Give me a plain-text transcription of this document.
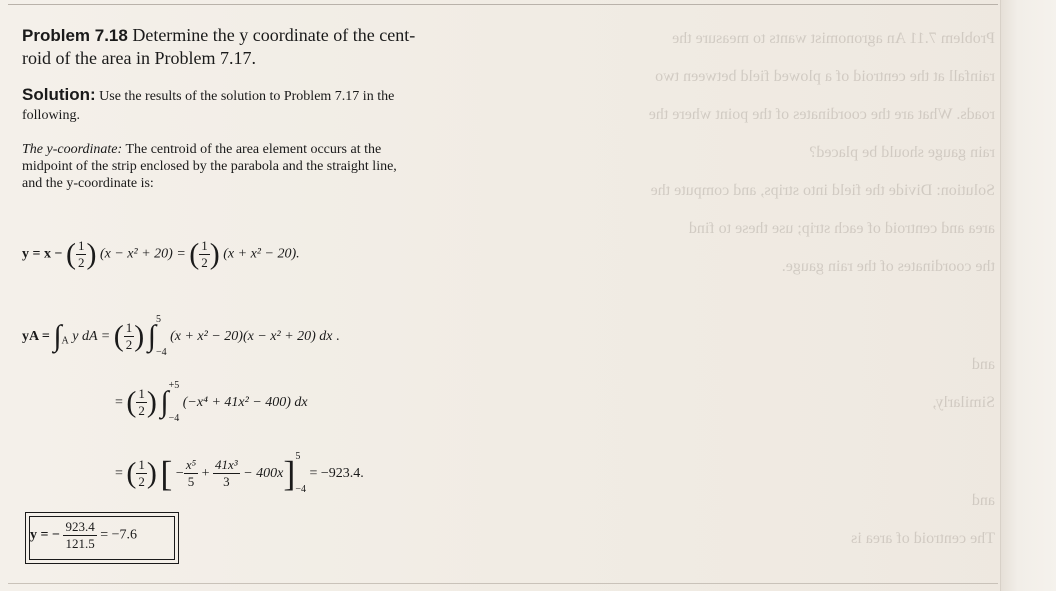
Problem 7.11 An agronomist wants to measure the

rainfall at the centroid of a plowed field between two

roads. What are the coordinates of the point where the

rain gauge should be placed?

Solution: Divide the field into strips, and compute the

area and centroid of each strip; use these to find

the coordinates of the rain gauge.

and

Similarly,

and

The centroid of area is

Problem 7.18 Determine the y coordinate of the cent-
roid of the area in Problem 7.17.
Solution: Use the results of the solution to Problem 7.17 in the
following.
The y-coordinate: The centroid of the area element occurs at the
midpoint of the strip enclosed by the parabola and the straight line,
and the y-coordinate is:
y = x − ( $\frac{1}{2}$ ) (x − x² + 20) = ( $\frac{1}{2}$ ) (x + x² − 20).
yA = $\int_A$ y dA = ( $\frac{1}{2}$ ) ∫$^5$
$_{-4}$ (x + x² − 20)(x − x² + 20) dx .
= ( $\frac{1}{2}$ ) ∫$^{+5}$
$_{-4}$ (−x⁴ + 41x² − 400) dx
= ( $\frac{1}{2}$ ) [ − $\frac{\text{x⁵}}{5} + \frac{\text{41x³}}{3} - 400x]^5$
$_{-4}$ = −923.4.
y = − $\frac{923.4}{121.5} = -7.6$
